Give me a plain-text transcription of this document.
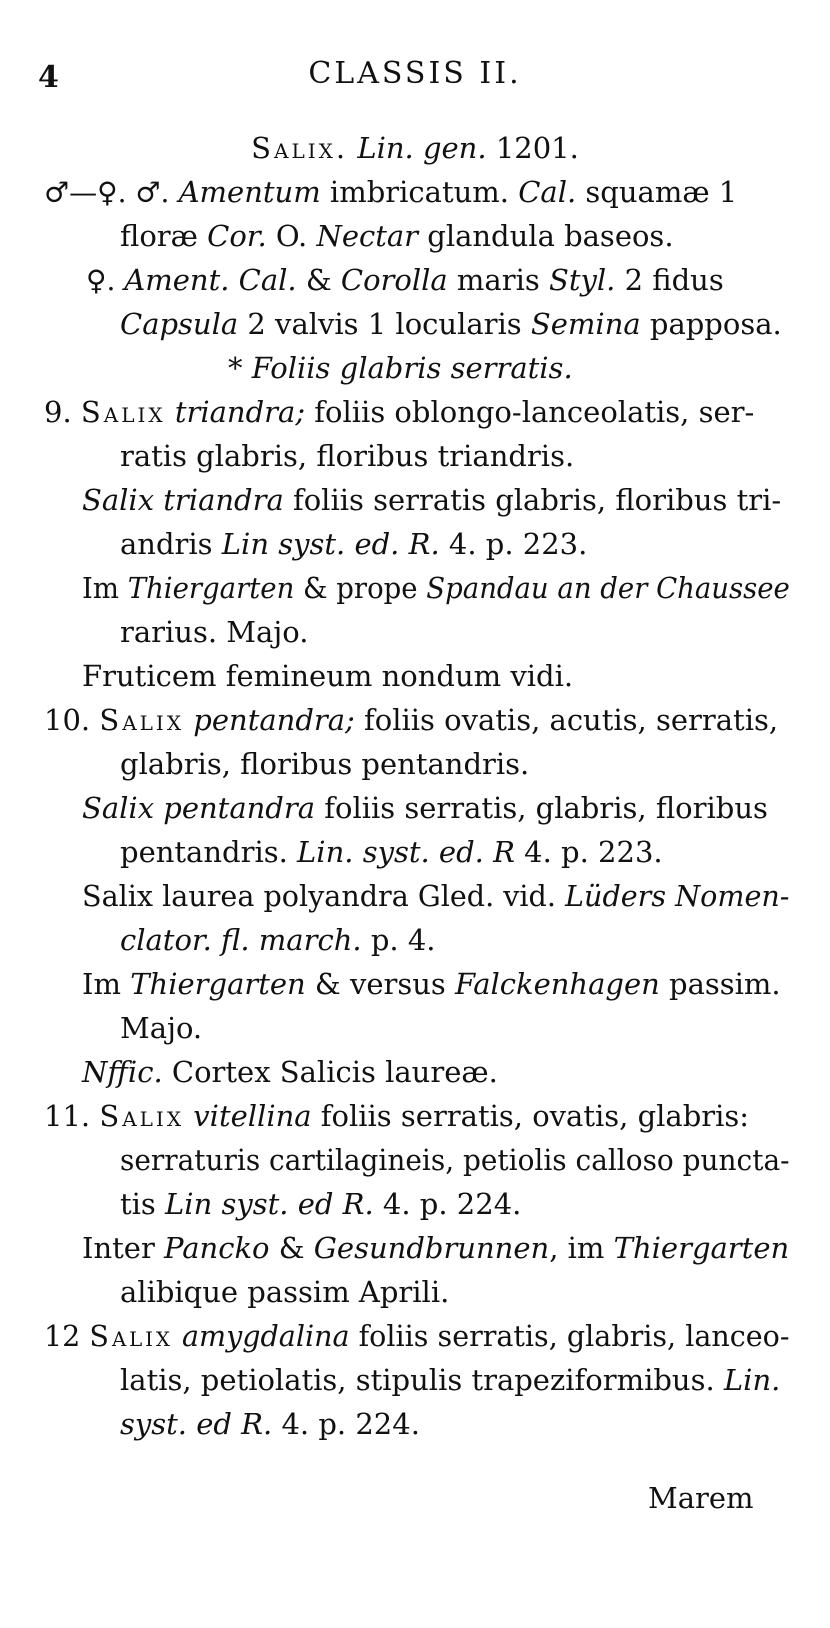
4	CLASSIS II.
Salix. Lin. gen. 1201.
♂—♀. ♂. Amentum imbricatum. Cal. squamæ 1
floræ Cor. O. Nectar glandula baseos.
♀. Ament. Cal. & Corolla maris Styl. 2 fidus
Capsula 2 valvis 1 locularis Semina papposa.
* Foliis glabris serratis.
9. Salix triandra; foliis oblongo-lanceolatis, ser-
ratis glabris, floribus triandris.
Salix triandra foliis serratis glabris, floribus tri-
andris Lin syst. ed. R. 4. p. 223.
Im Thiergarten & prope Spandau an der Chaussee
rarius. Majo.
Fruticem femineum nondum vidi.
10. Salix pentandra; foliis ovatis, acutis, serratis,
glabris, floribus pentandris.
Salix pentandra foliis serratis, glabris, floribus
pentandris. Lin. syst. ed. R 4. p. 223.
Salix laurea polyandra Gled. vid. Lüders Nomen-
clator. fl. march. p. 4.
Im Thiergarten & versus Falckenhagen passim.
Majo.
Nffic. Cortex Salicis laureæ.
11. Salix vitellina foliis serratis, ovatis, glabris:
serraturis cartilagineis, petiolis calloso puncta-
tis Lin syst. ed R. 4. p. 224.
Inter Pancko & Gesundbrunnen, im Thiergarten
alibique passim Aprili.
12 Salix amygdalina foliis serratis, glabris, lanceo-
latis, petiolatis, stipulis trapeziformibus. Lin.
syst. ed R. 4. p. 224.
Marem
